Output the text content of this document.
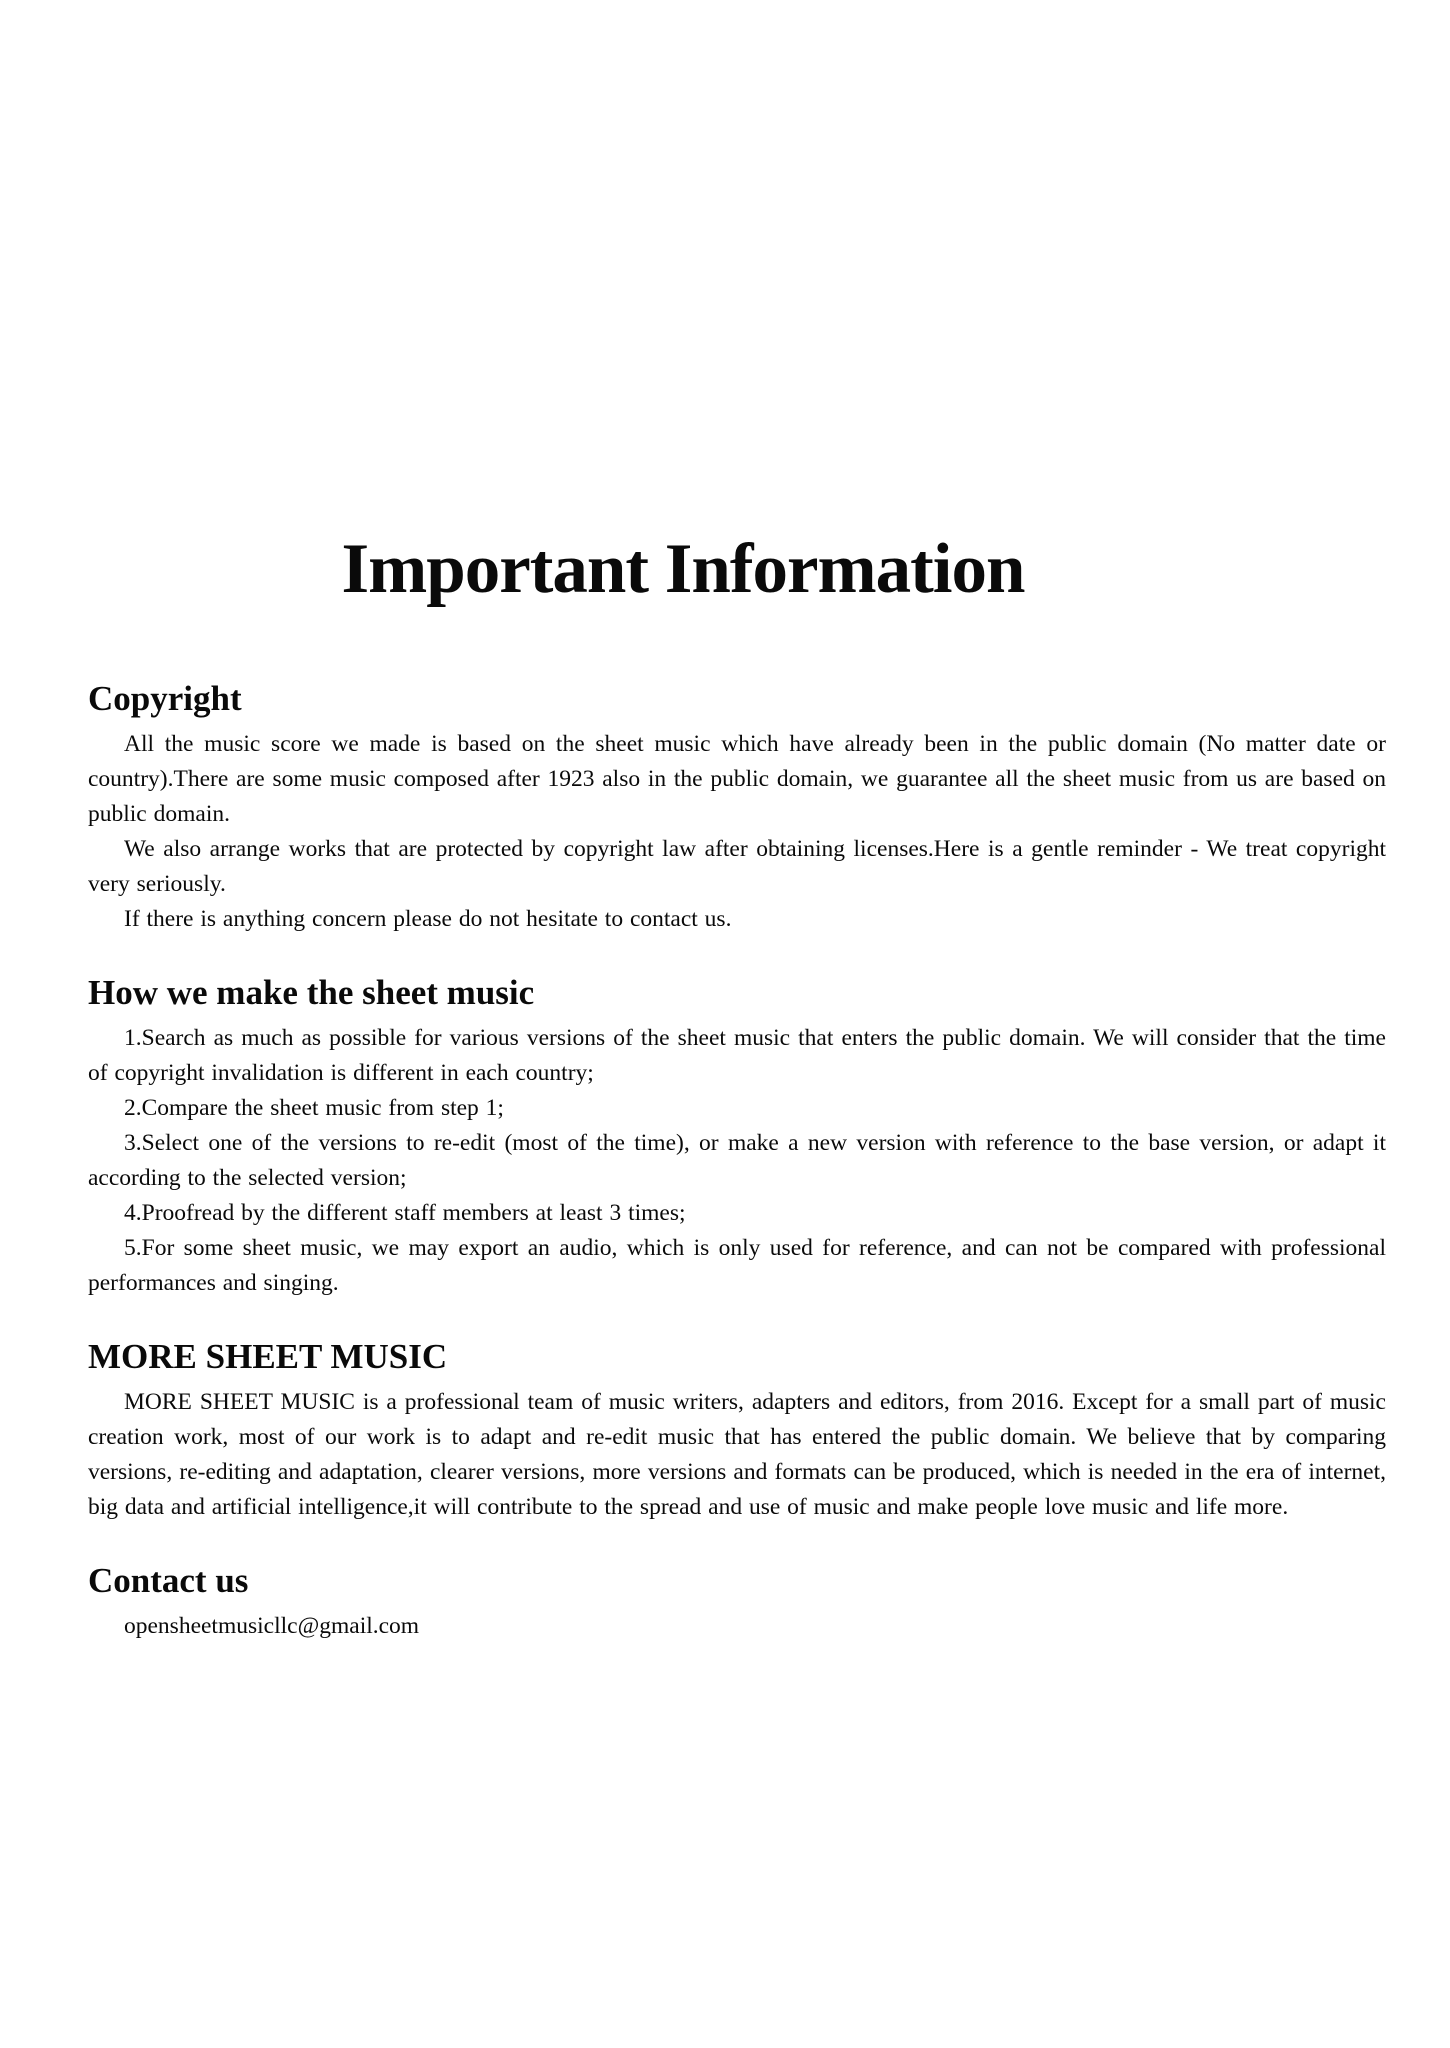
Important Information
Copyright

All the music score we made is based on the sheet music which have already been in the public domain (No matter date or country).There are some music composed after 1923 also in the public domain, we guarantee all the sheet music from us are based on public domain.

We also arrange works that are protected by copyright law after obtaining licenses.Here is a gentle reminder - We treat copyright very seriously.

If there is anything concern please do not hesitate to contact us.

How we make the sheet music

1.Search as much as possible for various versions of the sheet music that enters the public domain. We will consider that the time of copyright invalidation is different in each country;

2.Compare the sheet music from step 1;

3.Select one of the versions to re-edit (most of the time), or make a new version with reference to the base version, or adapt it according to the selected version;

4.Proofread by the different staff members at least 3 times;

5.For some sheet music, we may export an audio, which is only used for reference, and can not be compared with professional performances and singing.

MORE SHEET MUSIC

MORE SHEET MUSIC is a professional team of music writers, adapters and editors, from 2016. Except for a small part of music creation work, most of our work is to adapt and re-edit music that has entered the public domain. We believe that by comparing versions, re-editing and adaptation, clearer versions, more versions and formats can be produced, which is needed in the era of internet, big data and artificial intelligence,it will contribute to the spread and use of music and make people love music and life more.

Contact us

opensheetmusicllc@gmail.com
